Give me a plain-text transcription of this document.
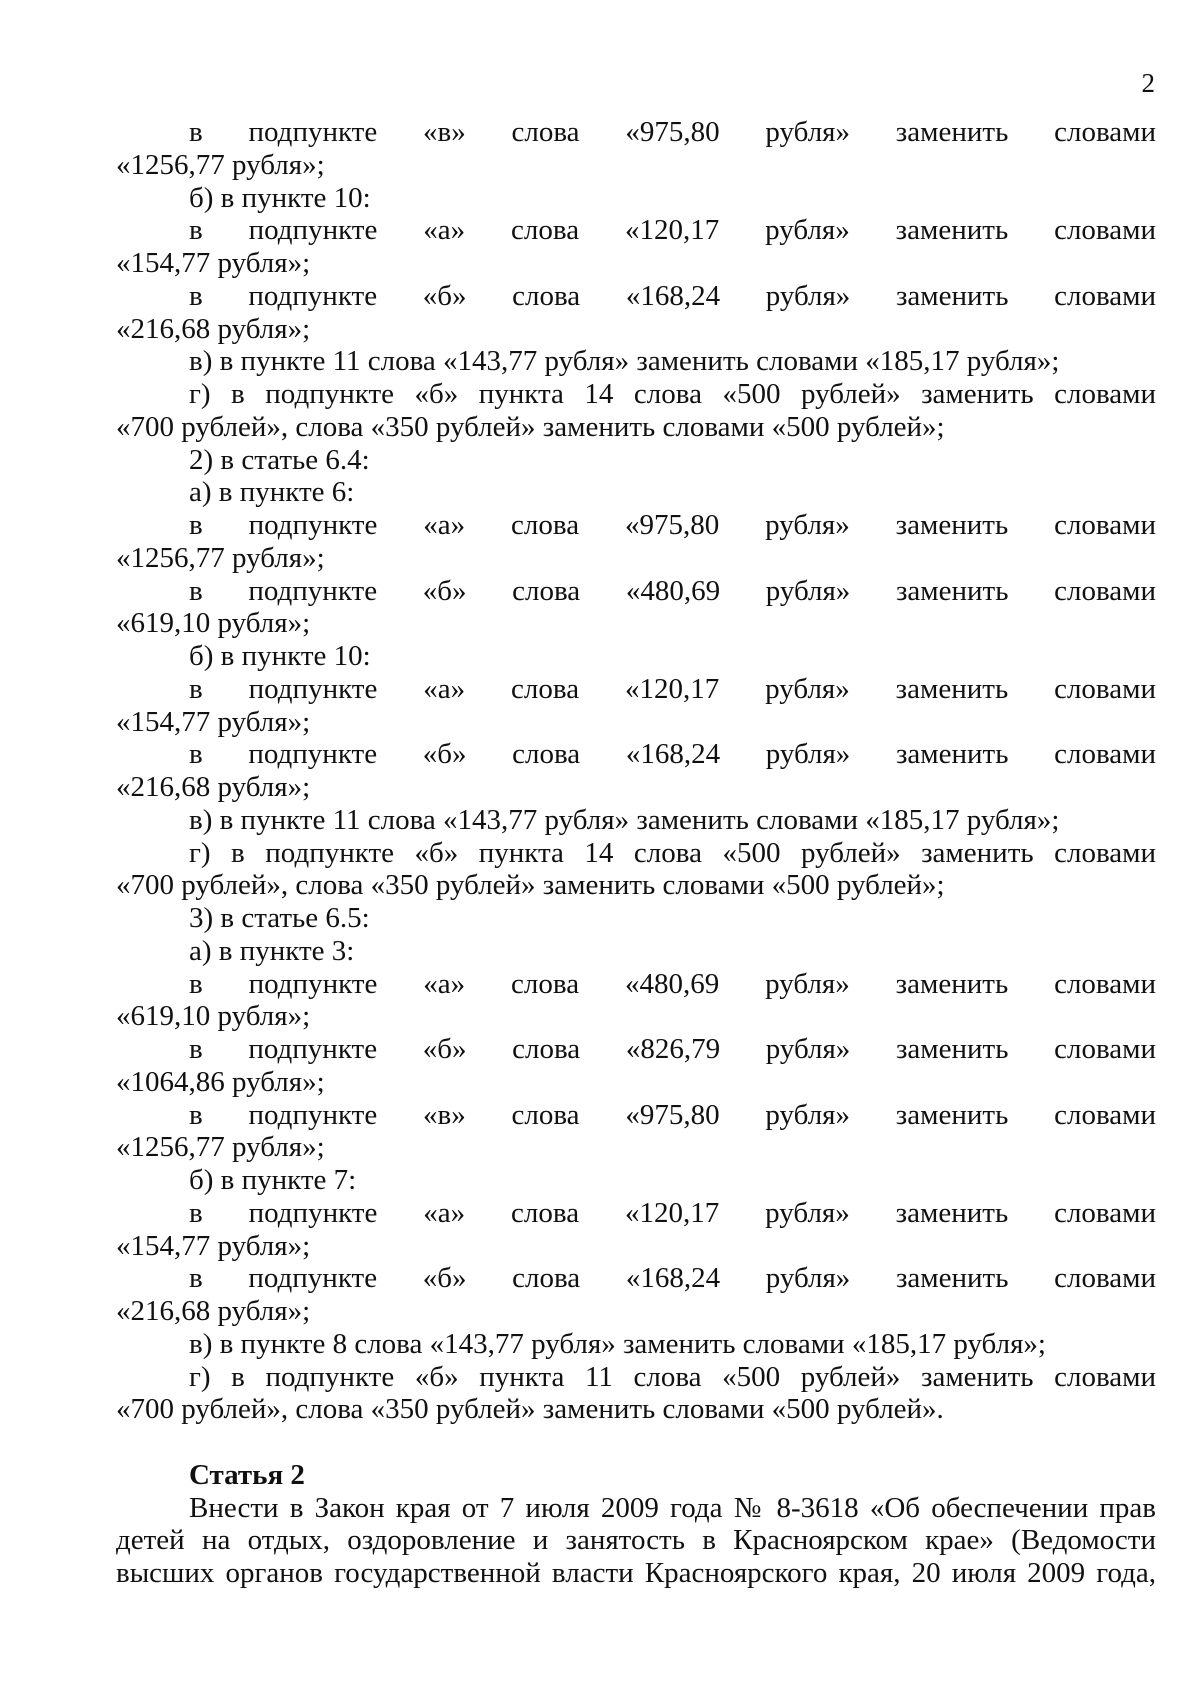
2
в подпункте «в» слова «975,80 рубля» заменить словами
«1256,77 рубля»;
б) в пункте 10:
в подпункте «а» слова «120,17 рубля» заменить словами
«154,77 рубля»;
в подпункте «б» слова «168,24 рубля» заменить словами
«216,68 рубля»;
в) в пункте 11 слова «143,77 рубля» заменить словами «185,17 рубля»;
г) в подпункте «б» пункта 14 слова «500 рублей» заменить словами
«700 рублей», слова «350 рублей» заменить словами «500 рублей»;
2) в статье 6.4:
а) в пункте 6:
в подпункте «а» слова «975,80 рубля» заменить словами
«1256,77 рубля»;
в подпункте «б» слова «480,69 рубля» заменить словами
«619,10 рубля»;
б) в пункте 10:
в подпункте «а» слова «120,17 рубля» заменить словами
«154,77 рубля»;
в подпункте «б» слова «168,24 рубля» заменить словами
«216,68 рубля»;
в) в пункте 11 слова «143,77 рубля» заменить словами «185,17 рубля»;
г) в подпункте «б» пункта 14 слова «500 рублей» заменить словами
«700 рублей», слова «350 рублей» заменить словами «500 рублей»;
3) в статье 6.5:
а) в пункте 3:
в подпункте «а» слова «480,69 рубля» заменить словами
«619,10 рубля»;
в подпункте «б» слова «826,79 рубля» заменить словами
«1064,86 рубля»;
в подпункте «в» слова «975,80 рубля» заменить словами
«1256,77 рубля»;
б) в пункте 7:
в подпункте «а» слова «120,17 рубля» заменить словами
«154,77 рубля»;
в подпункте «б» слова «168,24 рубля» заменить словами
«216,68 рубля»;
в) в пункте 8 слова «143,77 рубля» заменить словами «185,17 рубля»;
г) в подпункте «б» пункта 11 слова «500 рублей» заменить словами
«700 рублей», слова «350 рублей» заменить словами «500 рублей».
Статья 2
Внести в Закон края от 7 июля 2009 года № 8-3618 «Об обеспечении прав
детей на отдых, оздоровление и занятость в Красноярском крае» (Ведомости
высших органов государственной власти Красноярского края, 20 июля 2009 года,
